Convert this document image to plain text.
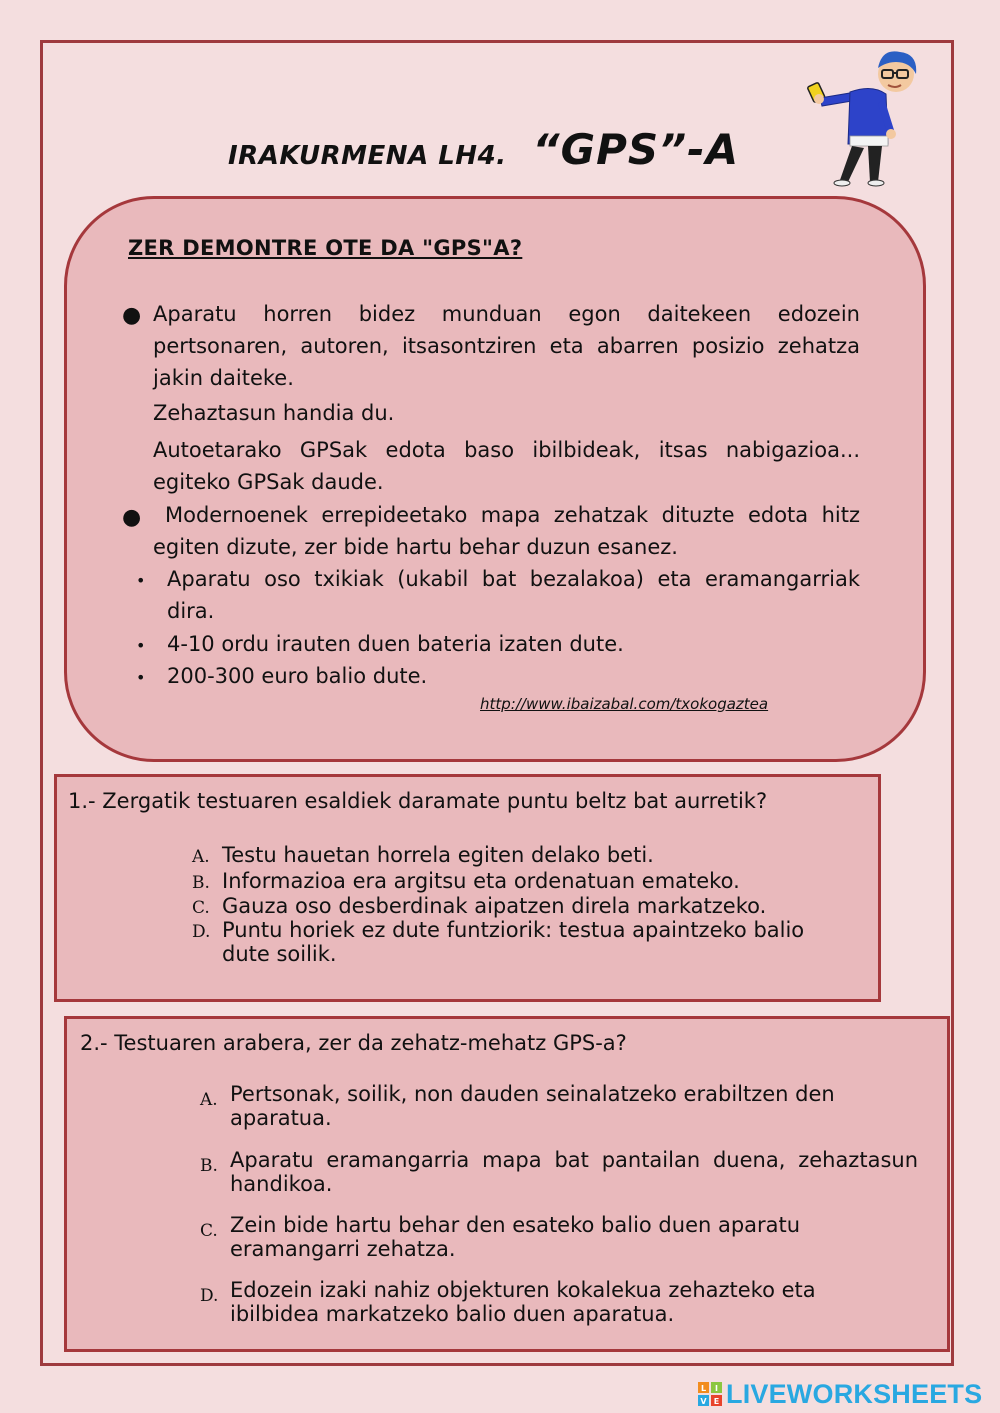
IRAKURMENA LH4. “GPS”-A
ZER DEMONTRE OTE DA "GPS"A?
● Aparatu horren bidez munduan egon daitekeen edozein pertsonaren, autoren, itsasontziren eta abarren posizio zehatza jakin daiteke.
Zehaztasun handia du.
Autoetarako GPSak edota baso ibilbideak, itsas nabigazioa... egiteko GPSak daude.
●	Modernoenek errepideetako mapa zehatzak dituzte edota hitz egiten dizute, zer bide hartu behar duzun esanez.
• Aparatu oso txikiak (ukabil bat bezalakoa) eta eramangarriak dira.
• 4-10 ordu irauten duen bateria izaten dute.
• 200-300 euro balio dute.
http://www.ibaizabal.com/txokogaztea
1.- Zergatik testuaren esaldiek daramate puntu beltz bat aurretik?
A. Testu hauetan horrela egiten delako beti.
B. Informazioa era argitsu eta ordenatuan emateko.
C. Gauza oso desberdinak aipatzen direla markatzeko.
D. Puntu horiek ez dute funtziorik: testua apaintzeko balio dute soilik.
2.- Testuaren arabera, zer da zehatz-mehatz GPS-a?
A. Pertsonak, soilik, non dauden seinalatzeko erabiltzen den aparatua.
B. Aparatu eramangarria mapa bat pantailan duena, zehaztasun handikoa.
C. Zein bide hartu behar den esateko balio duen aparatu eramangarri zehatza.
D. Edozein izaki nahiz objekturen kokalekua zehazteko eta ibilbidea markatzeko balio duen aparatua.
L I
V E LIVEWORKSHEETS
